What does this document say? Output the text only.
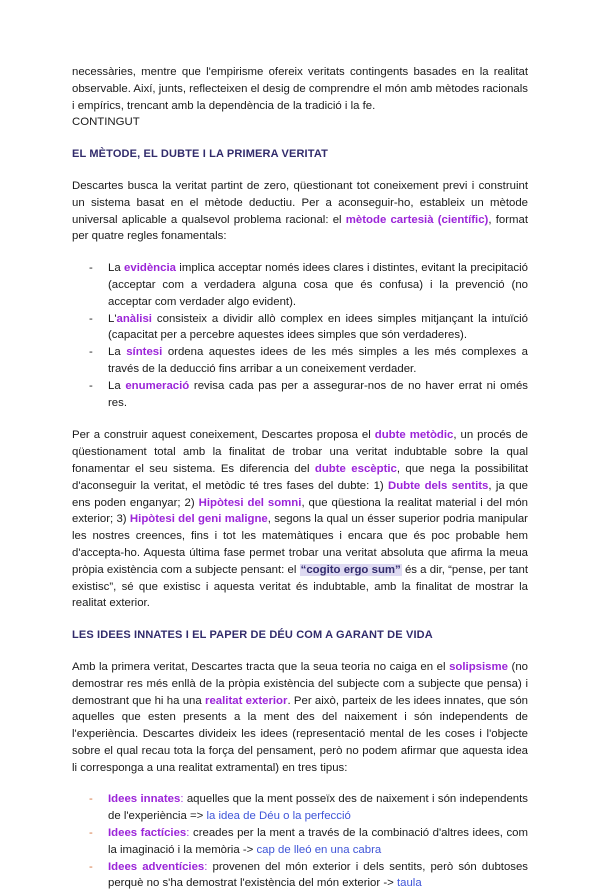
necessàries, mentre que l'empirisme ofereix veritats contingents basades en la realitat observable. Així, junts, reflecteixen el desig de comprendre el món amb mètodes racionals i empírics, trencant amb la dependència de la tradició i la fe.

CONTINGUT

EL MÈTODE, EL DUBTE I LA PRIMERA VERITAT

Descartes busca la veritat partint de zero, qüestionant tot coneixement previ i construint un sistema basat en el mètode deductiu. Per a aconseguir-ho, estableix un mètode universal aplicable a qualsevol problema racional: el mètode cartesià (científic), format per quatre regles fonamentals:

- La evidència implica acceptar només idees clares i distintes, evitant la precipitació (acceptar com a verdadera alguna cosa que és confusa) i la prevenció (no acceptar com verdader algo evident).
- L'anàlisi consisteix a dividir allò complex en idees simples mitjançant la intuïció (capacitat per a percebre aquestes idees simples que són verdaderes).
- La síntesi ordena aquestes idees de les més simples a les més complexes a través de la deducció fins arribar a un coneixement verdader.
- La enumeració revisa cada pas per a assegurar-nos de no haver errat ni omés res.

Per a construir aquest coneixement, Descartes proposa el dubte metòdic, un procés de qüestionament total amb la finalitat de trobar una veritat indubtable sobre la qual fonamentar el seu sistema. Es diferencia del dubte escèptic, que nega la possibilitat d'aconseguir la veritat, el metòdic té tres fases del dubte: 1) Dubte dels sentits, ja que ens poden enganyar; 2) Hipòtesi del somni, que qüestiona la realitat material i del món exterior; 3) Hipòtesi del geni maligne, segons la qual un ésser superior podria manipular les nostres creences, fins i tot les matemàtiques i encara que és poc probable hem d'accepta-ho. Aquesta última fase permet trobar una veritat absoluta que afirma la meua pròpia existència com a subjecte pensant: el “cogito ergo sum” és a dir, “pense, per tant existisc”, sé que existisc i aquesta veritat és indubtable, amb la finalitat de mostrar la realitat exterior.

LES IDEES INNATES I EL PAPER DE DÉU COM A GARANT DE VIDA

Amb la primera veritat, Descartes tracta que la seua teoria no caiga en el solipsisme (no demostrar res més enllà de la pròpia existència del subjecte com a subjecte que pensa) i demostrant que hi ha una realitat exterior. Per això, parteix de les idees innates, que són aquelles que esten presents a la ment des del naixement i són independents de l'experiència. Descartes divideix les idees (representació mental de les coses i l'objecte sobre el qual recau tota la força del pensament, però no podem afirmar que aquesta idea li corresponga a una realitat extramental) en tres tipus:

- Idees innates: aquelles que la ment posseïx des de naixement i són independents de l'experiència => la idea de Déu o la perfecció
- Idees factícies: creades per la ment a través de la combinació d'altres idees, com la imaginació i la memòria -> cap de lleó en una cabra
- Idees adventícies: provenen del món exterior i dels sentits, però són dubtoses perquè no s'ha demostrat l'existència del món exterior -> taula
